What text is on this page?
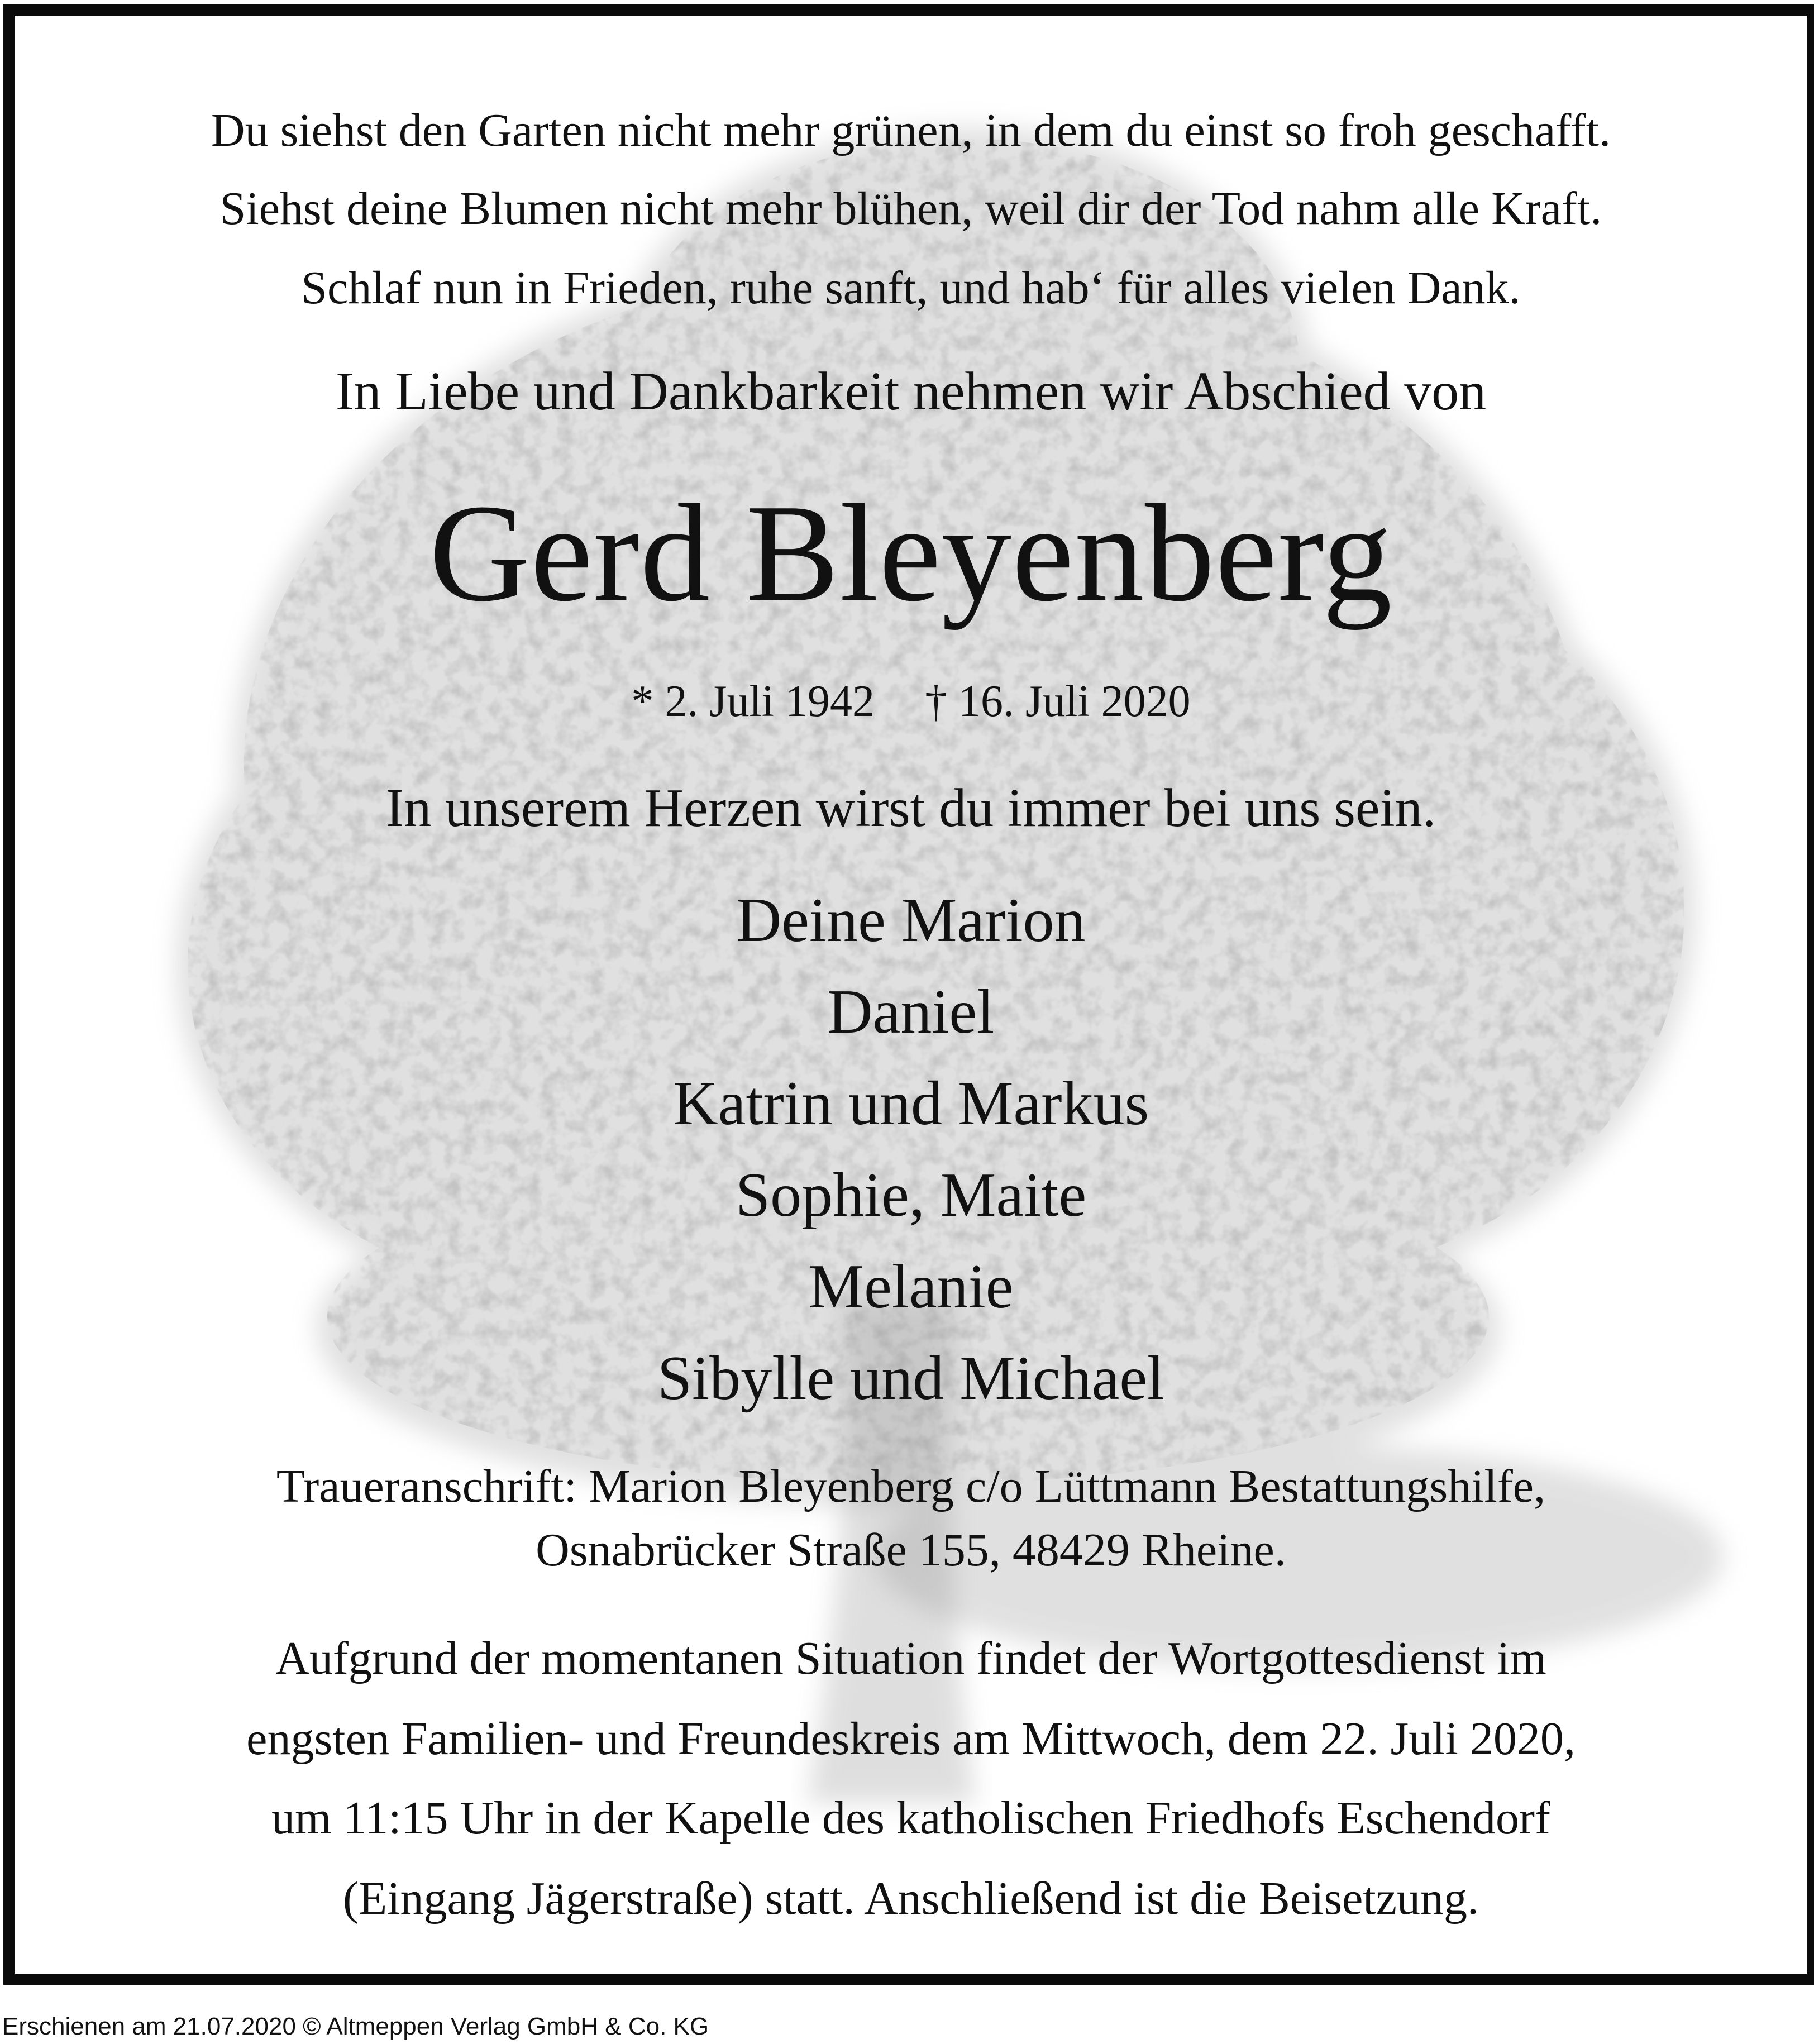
Du siehst den Garten nicht mehr grünen, in dem du einst so froh geschafft.
Siehst deine Blumen nicht mehr blühen, weil dir der Tod nahm alle Kraft.
Schlaf nun in Frieden, ruhe sanft, und hab‘ für alles vielen Dank.
In Liebe und Dankbarkeit nehmen wir Abschied von
Gerd Bleyenberg
* 2. Juli 1942 † 16. Juli 2020
In unserem Herzen wirst du immer bei uns sein.
Deine Marion
Daniel
Katrin und Markus
Sophie, Maite
Melanie
Sibylle und Michael
Traueranschrift: Marion Bleyenberg c/o Lüttmann Bestattungshilfe,
Osnabrücker Straße 155, 48429 Rheine.
Aufgrund der momentanen Situation findet der Wortgottesdienst im
engsten Familien- und Freundeskreis am Mittwoch, dem 22. Juli 2020,
um 11:15 Uhr in der Kapelle des katholischen Friedhofs Eschendorf
(Eingang Jägerstraße) statt. Anschließend ist die Beisetzung.
Erschienen am 21.07.2020 © Altmeppen Verlag GmbH & Co. KG
